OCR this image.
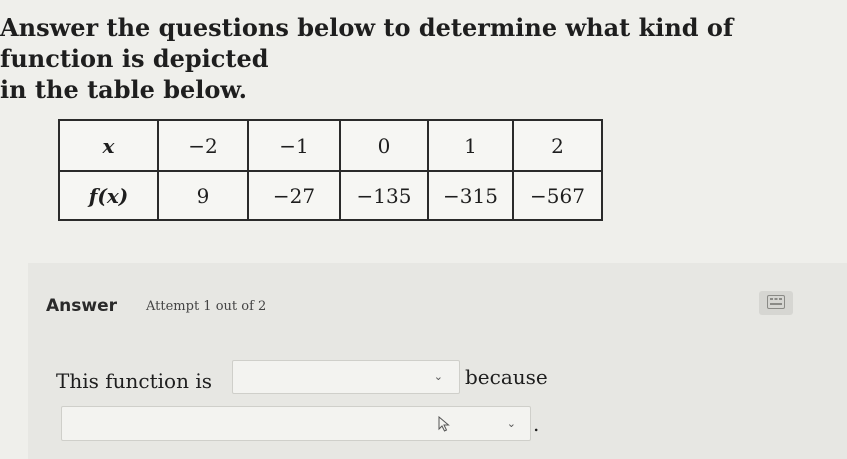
Answer the questions below to determine what kind of function is depicted
in the table below.
x	−2	−1	0	1	2
f(x)	9	−27	−135	−315	−567
Answer Attempt 1 out of 2
This function is	⌄ because
⌄ .
